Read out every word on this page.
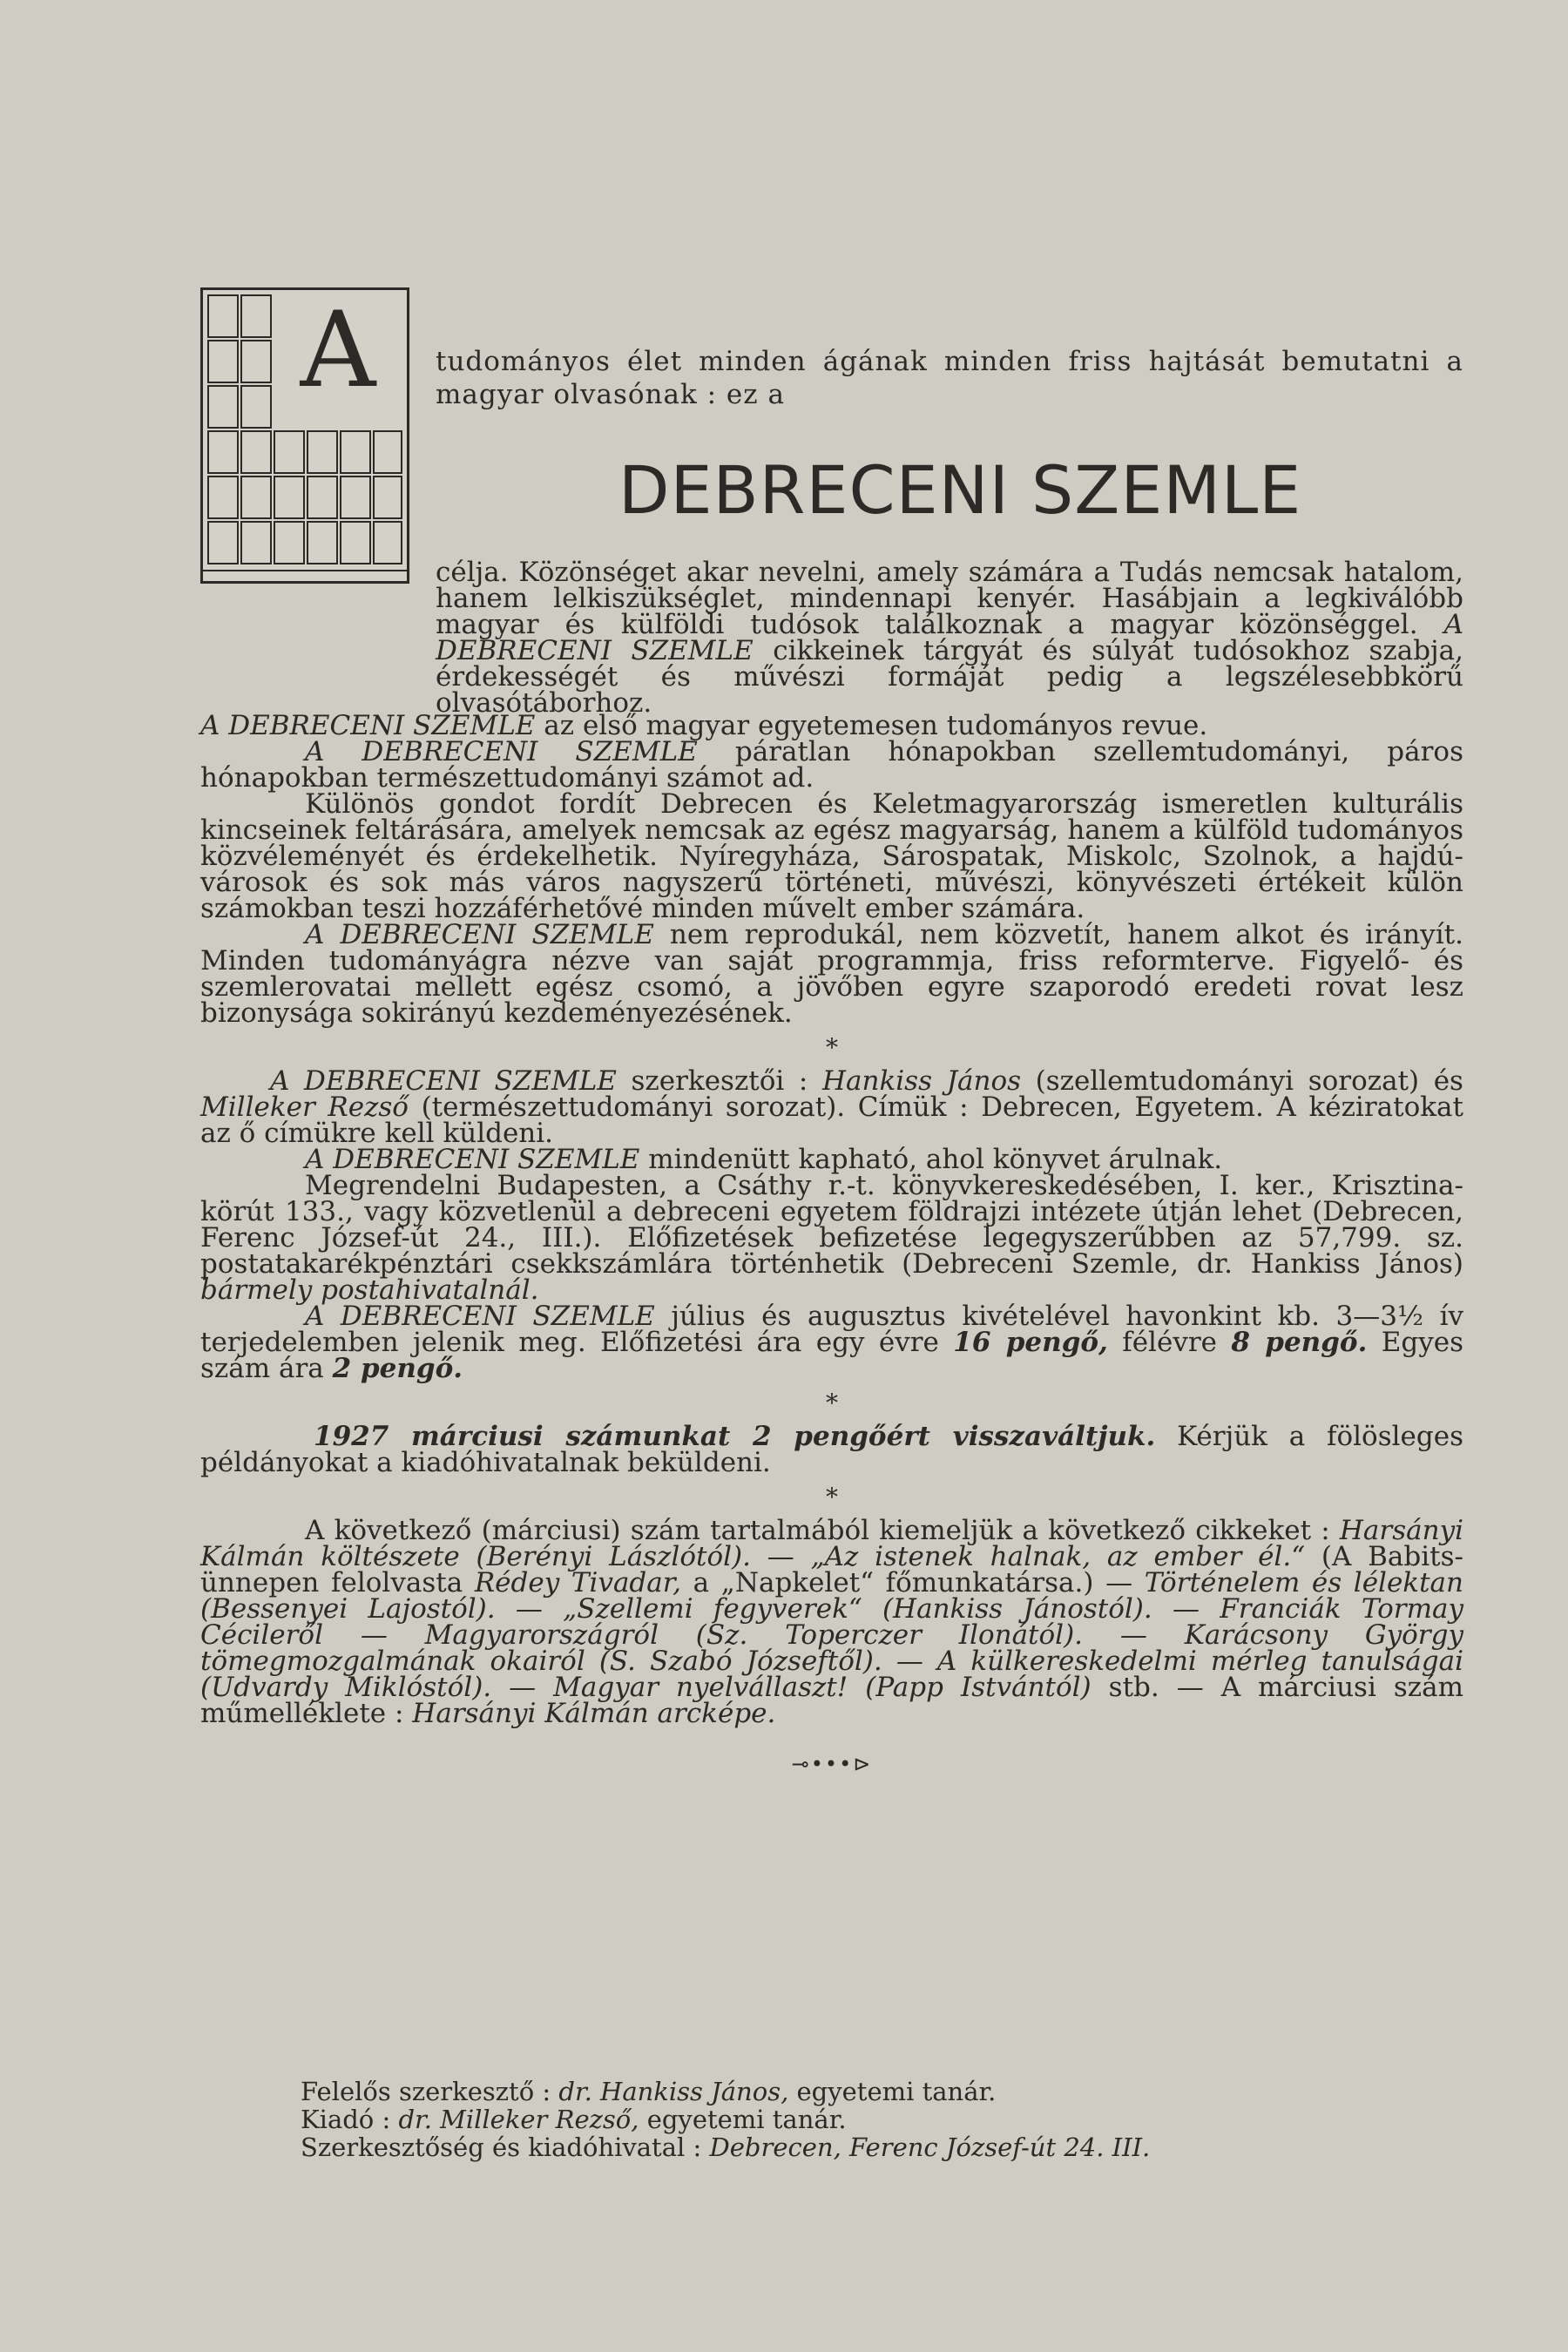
A tudományos élet minden ágának minden friss hajtását bemutatni a magyar olvasónak : ez a
DEBRECENI SZEMLE

célja. Közönséget akar nevelni, amely számára a Tudás nemcsak hatalom, hanem lelkiszükséglet, mindennapi kenyér. Hasábjain a legkiválóbb magyar és külföldi tudósok találkoznak a magyar közönséggel. A DEBRECENI SZEMLE cikkeinek tárgyát és súlyát tudósokhoz szabja, érdekességét és művészi formáját pedig a legszélesebbkörű olvasótáborhoz.

A DEBRECENI SZEMLE az első magyar egyetemesen tudományos revue.

A DEBRECENI SZEMLE páratlan hónapokban szellemtudományi, páros hónapokban természettudományi számot ad.

Különös gondot fordít Debrecen és Keletmagyarország ismeretlen kulturális kincseinek feltárására, amelyek nemcsak az egész magyarság, hanem a külföld tudományos közvéleményét és érdekelhetik. Nyíregyháza, Sárospatak, Miskolc, Szolnok, a hajdú-városok és sok más város nagyszerű történeti, művészi, könyvészeti értékeit külön számokban teszi hozzáférhetővé minden művelt ember számára.

A DEBRECENI SZEMLE nem reprodukál, nem közvetít, hanem alkot és irányít. Minden tudományágra nézve van saját programmja, friss reformterve. Figyelő- és szemlerovatai mellett egész csomó, a jövőben egyre szaporodó eredeti rovat lesz bizonysága sokirányú kezdeményezésének.

*

A DEBRECENI SZEMLE szerkesztői : Hankiss János (szellemtudományi sorozat) és Milleker Rezső (természettudományi sorozat). Címük : Debrecen, Egyetem. A kéziratokat az ő címükre kell küldeni.

A DEBRECENI SZEMLE mindenütt kapható, ahol könyvet árulnak.

Megrendelni Budapesten, a Csáthy r.-t. könyvkereskedésében, I. ker., Krisztina-körút 133., vagy közvetlenül a debreceni egyetem földrajzi intézete útján lehet (Debrecen, Ferenc József-út 24., III.). Előfizetések befizetése legegyszerűbben az 57,799. sz. postatakarékpénztári csekkszámlára történhetik (Debreceni Szemle, dr. Hankiss János) bármely postahivatalnál.

A DEBRECENI SZEMLE július és augusztus kivételével havonkint kb. 3—3½ ív terjedelemben jelenik meg. Előfizetési ára egy évre 16 pengő, félévre 8 pengő. Egyes szám ára 2 pengő.

*

1927 márciusi számunkat 2 pengőért visszaváltjuk. Kérjük a fölösleges példányokat a kiadóhivatalnak beküldeni.

*

A következő (márciusi) szám tartalmából kiemeljük a következő cikkeket : Harsányi Kálmán költészete (Berényi Lászlótól). — „Az istenek halnak, az ember él.“ (A Babits-ünnepen felolvasta Rédey Tivadar, a „Napkelet“ főmunkatársa.) — Történelem és lélektan (Bessenyei Lajostól). — „Szellemi fegyverek“ (Hankiss Jánostól). — Franciák Tormay Cécileről — Magyarországról (Sz. Toperczer Ilonától). — Karácsony György tömegmozgalmának okairól (S. Szabó Józseftől). — A külkereskedelmi mérleg tanulságai (Udvardy Miklóstól). — Magyar nyelvállaszt! (Papp Istvántól) stb. — A márciusi szám műmelléklete : Harsányi Kálmán arcképe.

⊸•••⊳

Felelős szerkesztő : dr. Hankiss János, egyetemi tanár.

Kiadó : dr. Milleker Rezső, egyetemi tanár.

Szerkesztőség és kiadóhivatal : Debrecen, Ferenc József-út 24. III.
